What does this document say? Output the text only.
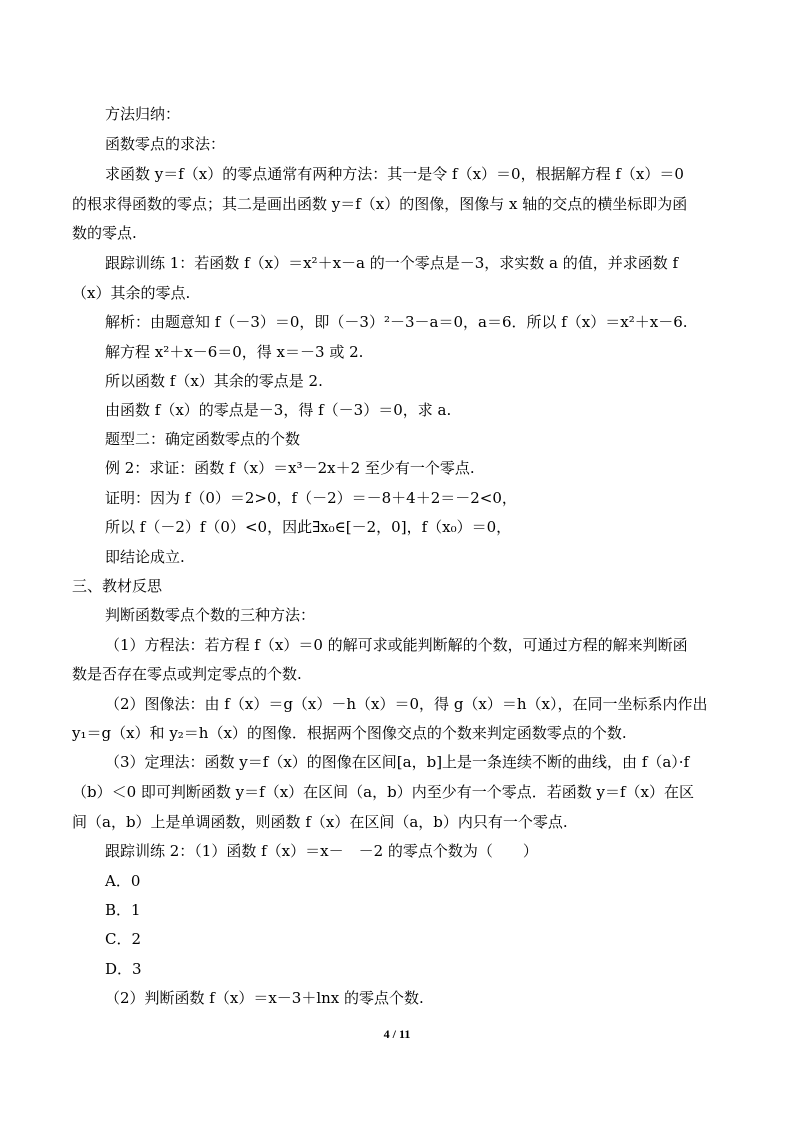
方法归纳：
函数零点的求法：
求函数 y＝f（x）的零点通常有两种方法：其一是令 f（x）＝0，根据解方程 f（x）＝0
的根求得函数的零点；其二是画出函数 y＝f（x）的图像，图像与 x 轴的交点的横坐标即为函
数的零点.
跟踪训练 1：若函数 f（x）＝x²＋x－a 的一个零点是－3，求实数 a 的值，并求函数 f
（x）其余的零点.
解析：由题意知 f（－3）＝0，即（－3）²－3－a＝0，a＝6．所以 f（x）＝x²＋x－6.
解方程 x²＋x－6＝0，得 x＝－3 或 2.
所以函数 f（x）其余的零点是 2.
由函数 f（x）的零点是－3，得 f（－3）＝0，求 a.
题型二：确定函数零点的个数
例 2：求证：函数 f（x）＝x³－2x＋2 至少有一个零点.
证明：因为 f（0）＝2>0，f（－2）＝－8＋4＋2＝－2<0，
所以 f（－2）f（0）<0，因此∃x₀∈[－2，0]，f（x₀）＝0，
即结论成立.
三、教材反思
判断函数零点个数的三种方法：
（1）方程法：若方程 f（x）＝0 的解可求或能判断解的个数，可通过方程的解来判断函
数是否存在零点或判定零点的个数.
（2）图像法：由 f（x）＝g（x）－h（x）＝0，得 g（x）＝h（x），在同一坐标系内作出
y₁＝g（x）和 y₂＝h（x）的图像．根据两个图像交点的个数来判定函数零点的个数.
（3）定理法：函数 y＝f（x）的图像在区间[a，b]上是一条连续不断的曲线，由 f（a）·f
（b）＜0 即可判断函数 y＝f（x）在区间（a，b）内至少有一个零点．若函数 y＝f（x）在区
间（a，b）上是单调函数，则函数 f（x）在区间（a，b）内只有一个零点.
跟踪训练 2：（1）函数 f（x）＝x－　－2 的零点个数为（　　）
A．0
B．1
C．2
D．3
（2）判断函数 f（x）＝x－3＋lnx 的零点个数.
4 / 11
